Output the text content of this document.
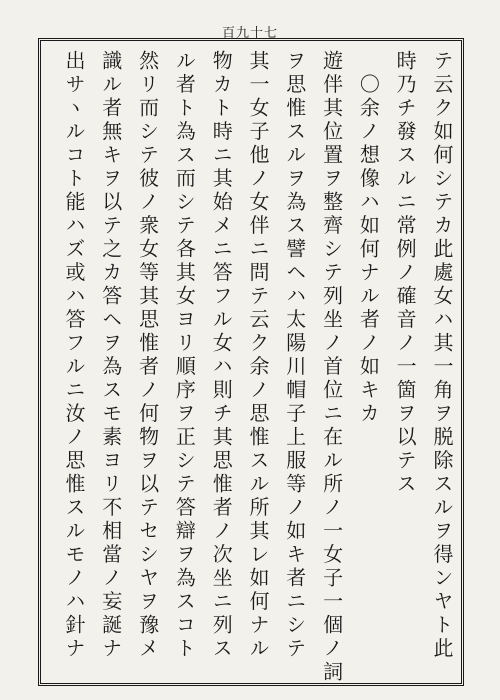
百九十七
テ云ク如何シテカ此處女ハ其一角ヲ脱除スルヲ得ンヤト此
時乃チ發スルニ常例ノ確音ノ一箇ヲ以テス
　〇余ノ想像ハ如何ナル者ノ如キカ
遊伴其位置ヲ整齊シテ列坐ノ首位ニ在ル所ノ一女子一個ノ詞
ヲ思惟スルヲ為ス譬ヘハ太陽川帽子上服等ノ如キ者ニシテ
其一女子他ノ女伴ニ問テ云ク余ノ思惟スル所其レ如何ナル
物カト時ニ其始メニ答フル女ハ則チ其思惟者ノ次坐ニ列ス
ル者ト為ス而シテ各其女ヨリ順序ヲ正シテ答辯ヲ為スコト
然リ而シテ彼ノ衆女等其思惟者ノ何物ヲ以テセシヤヲ豫メ
識ル者無キヲ以テ之カ答ヘヲ為スモ素ヨリ不相當ノ妄誕ナ
出サヽルコト能ハズ或ハ答フルニ汝ノ思惟スルモノハ針ナ
